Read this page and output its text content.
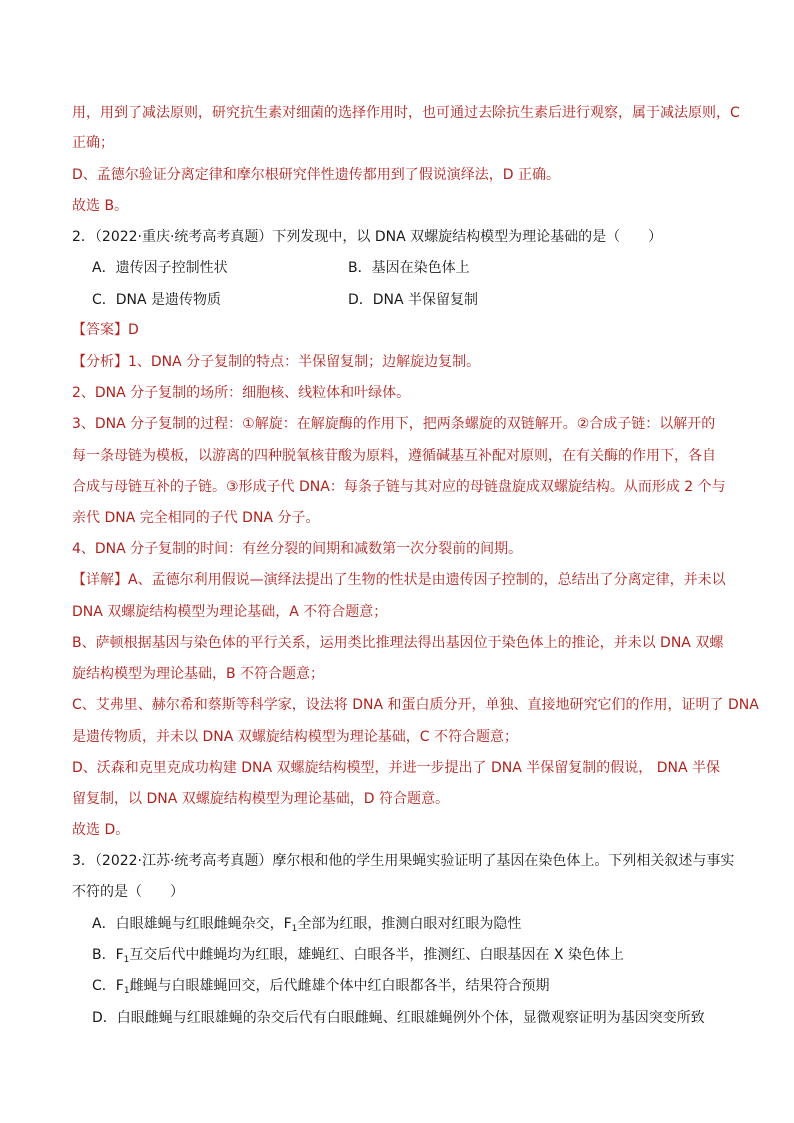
用，用到了减法原则，研究抗生素对细菌的选择作用时，也可通过去除抗生素后进行观察，属于减法原则，C
正确；
D、孟德尔验证分离定律和摩尔根研究伴性遗传都用到了假说演绎法，D 正确。
故选 B。
2．（2022·重庆·统考高考真题）下列发现中，以 DNA 双螺旋结构模型为理论基础的是（　　）
A．遗传因子控制性状	B．基因在染色体上
C．DNA 是遗传物质	D．DNA 半保留复制
【答案】D
【分析】1、DNA 分子复制的特点：半保留复制；边解旋边复制。
2、DNA 分子复制的场所：细胞核、线粒体和叶绿体。
3、DNA 分子复制的过程：①解旋：在解旋酶的作用下，把两条螺旋的双链解开。②合成子链：以解开的
每一条母链为模板，以游离的四种脱氧核苷酸为原料，遵循碱基互补配对原则，在有关酶的作用下，各自
合成与母链互补的子链。③形成子代 DNA：每条子链与其对应的母链盘旋成双螺旋结构。从而形成 2 个与
亲代 DNA 完全相同的子代 DNA 分子。
4、DNA 分子复制的时间：有丝分裂的间期和减数第一次分裂前的间期。
【详解】A、孟德尔利用假说—演绎法提出了生物的性状是由遗传因子控制的，总结出了分离定律，并未以
DNA 双螺旋结构模型为理论基础，A 不符合题意；
B、萨顿根据基因与染色体的平行关系，运用类比推理法得出基因位于染色体上的推论，并未以 DNA 双螺
旋结构模型为理论基础，B 不符合题意；
C、艾弗里、赫尔希和蔡斯等科学家，设法将 DNA 和蛋白质分开，单独、直接地研究它们的作用，证明了 DNA
是遗传物质，并未以 DNA 双螺旋结构模型为理论基础，C 不符合题意；
D、沃森和克里克成功构建 DNA 双螺旋结构模型，并进一步提出了 DNA 半保留复制的假说， DNA 半保
留复制，以 DNA 双螺旋结构模型为理论基础，D 符合题意。
故选 D。
3．（2022·江苏·统考高考真题）摩尔根和他的学生用果蝇实验证明了基因在染色体上。下列相关叙述与事实
不符的是（　　）
A．白眼雄蝇与红眼雌蝇杂交，$F_1$全部为红眼，推测白眼对红眼为隐性
B．$F_1$互交后代中雌蝇均为红眼，雄蝇红、白眼各半，推测红、白眼基因在 X 染色体上
C．$F_1$雌蝇与白眼雄蝇回交，后代雌雄个体中红白眼都各半，结果符合预期
D．白眼雌蝇与红眼雄蝇的杂交后代有白眼雌蝇、红眼雄蝇例外个体，显微观察证明为基因突变所致
